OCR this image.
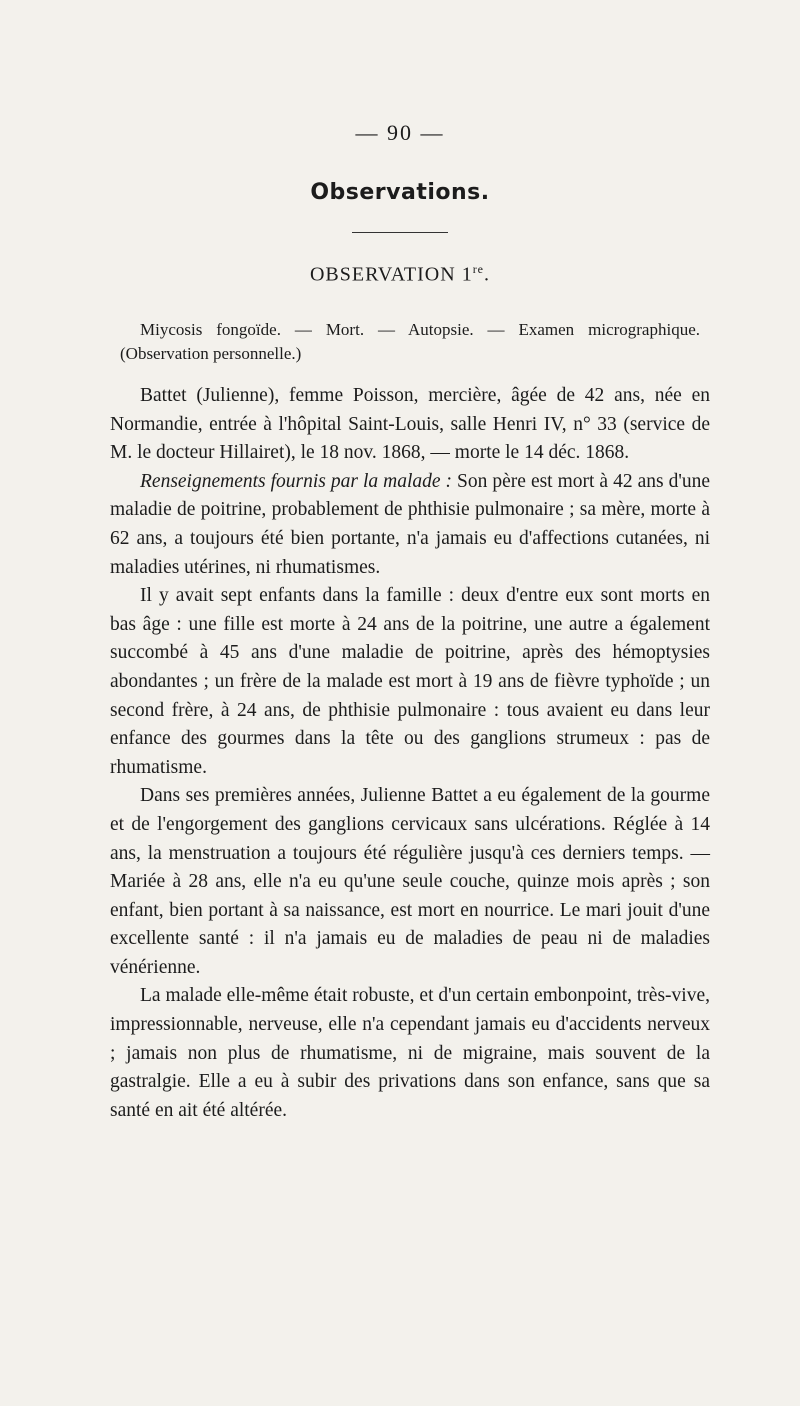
— 90 —
Observations.
OBSERVATION 1re.
Miycosis fongoïde. — Mort. — Autopsie. — Examen micrographique. (Observation personnelle.)

Battet (Julienne), femme Poisson, mercière, âgée de 42 ans, née en Normandie, entrée à l'hôpital Saint-Louis, salle Henri IV, n° 33 (service de M. le docteur Hillairet), le 18 nov. 1868, — morte le 14 déc. 1868.

Renseignements fournis par la malade : Son père est mort à 42 ans d'une maladie de poitrine, probablement de phthisie pulmonaire ; sa mère, morte à 62 ans, a toujours été bien portante, n'a jamais eu d'affections cutanées, ni maladies utérines, ni rhumatismes.

Il y avait sept enfants dans la famille : deux d'entre eux sont morts en bas âge : une fille est morte à 24 ans de la poitrine, une autre a également succombé à 45 ans d'une maladie de poitrine, après des hémoptysies abondantes ; un frère de la malade est mort à 19 ans de fièvre typhoïde ; un second frère, à 24 ans, de phthisie pulmonaire : tous avaient eu dans leur enfance des gourmes dans la tête ou des ganglions strumeux : pas de rhumatisme.

Dans ses premières années, Julienne Battet a eu également de la gourme et de l'engorgement des ganglions cervicaux sans ulcérations. Réglée à 14 ans, la menstruation a toujours été régulière jusqu'à ces derniers temps. — Mariée à 28 ans, elle n'a eu qu'une seule couche, quinze mois après ; son enfant, bien portant à sa naissance, est mort en nourrice. Le mari jouit d'une excellente santé : il n'a jamais eu de maladies de peau ni de maladies vénérienne.

La malade elle-même était robuste, et d'un certain embonpoint, très-vive, impressionnable, nerveuse, elle n'a cependant jamais eu d'accidents nerveux ; jamais non plus de rhumatisme, ni de migraine, mais souvent de la gastralgie. Elle a eu à subir des privations dans son enfance, sans que sa santé en ait été altérée.
